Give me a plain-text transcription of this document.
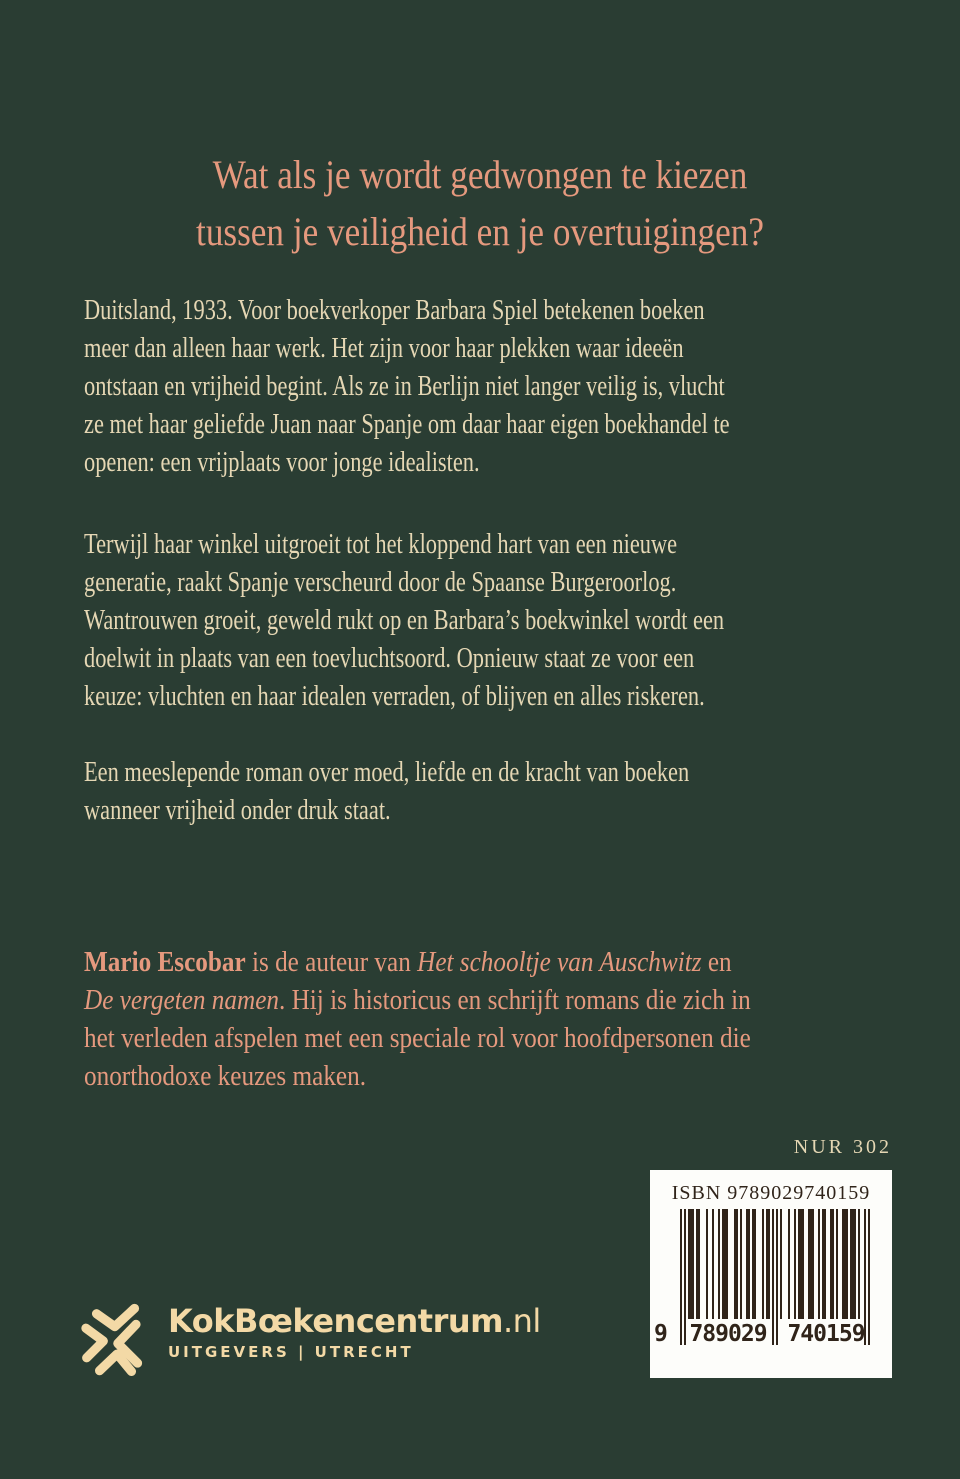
Wat als je wordt gedwongen te kiezen
tussen je veiligheid en je overtuigingen?
Duitsland, 1933. Voor boekverkoper Barbara Spiel betekenen boeken
meer dan alleen haar werk. Het zijn voor haar plekken waar ideeën
ontstaan en vrijheid begint. Als ze in Berlijn niet langer veilig is, vlucht
ze met haar geliefde Juan naar Spanje om daar haar eigen boekhandel te
openen: een vrijplaats voor jonge idealisten.
Terwijl haar winkel uitgroeit tot het kloppend hart van een nieuwe
generatie, raakt Spanje verscheurd door de Spaanse Burgeroorlog.
Wantrouwen groeit, geweld rukt op en Barbara’s boekwinkel wordt een
doelwit in plaats van een toevluchtsoord. Opnieuw staat ze voor een
keuze: vluchten en haar idealen verraden, of blijven en alles riskeren.
Een meeslepende roman over moed, liefde en de kracht van boeken
wanneer vrijheid onder druk staat.
Mario Escobar is de auteur van Het schooltje van Auschwitz en
De vergeten namen. Hij is historicus en schrijft romans die zich in
het verleden afspelen met een speciale rol voor hoofdpersonen die
onorthodoxe keuzes maken.
NUR 302
ISBN 9789029740159
9 789029 740159
KokBœkencentrum.nl
UITGEVERS | UTRECHT
